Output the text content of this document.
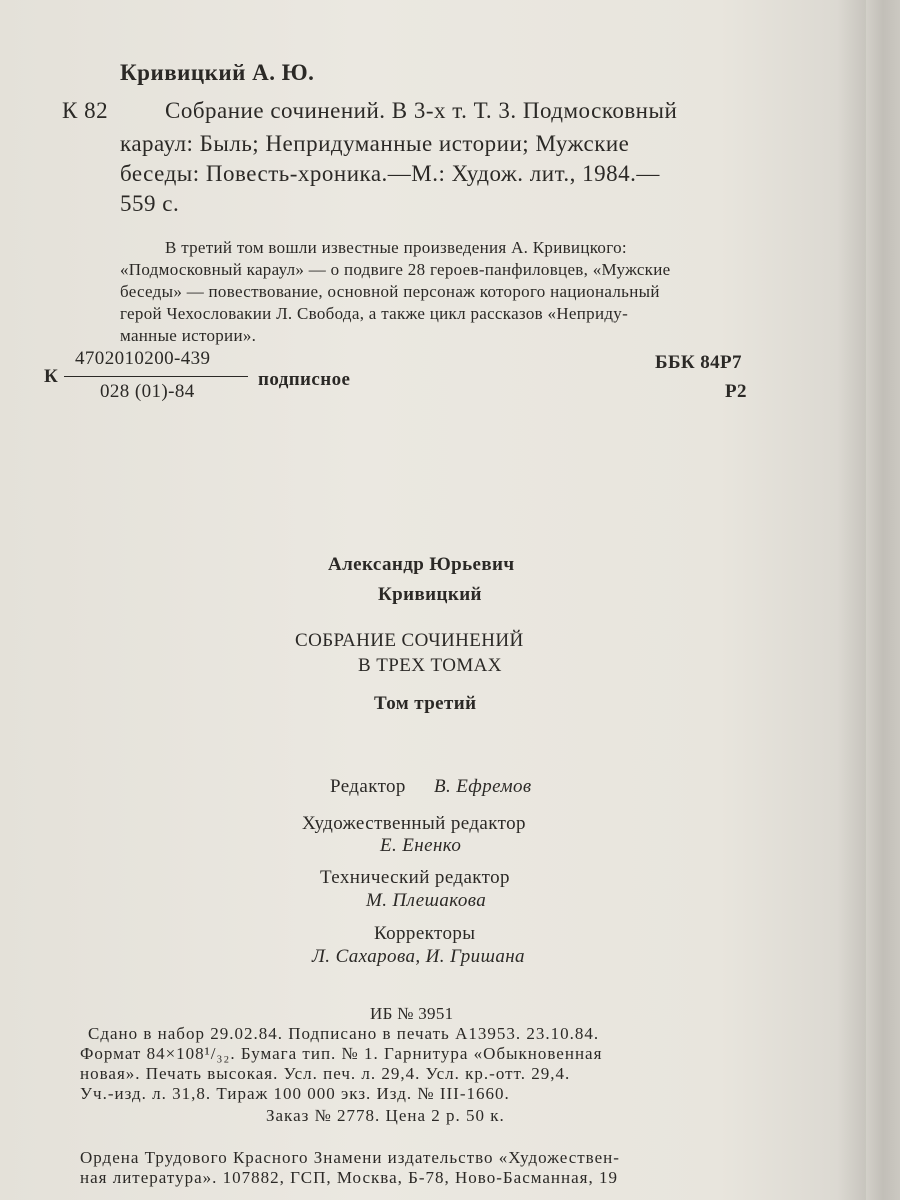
Кривицкий А. Ю.
К 82 Собрание сочинений. В 3-х т. Т. 3. Подмосковный
караул: Быль; Непридуманные истории; Мужские
беседы: Повесть-хроника.—М.: Худож. лит., 1984.—
559 с.
В третий том вошли известные произведения А. Кривицкого:
«Подмосковный караул» — о подвиге 28 героев-панфиловцев, «Мужские
беседы» — повествование, основной персонаж которого национальный
герой Чехословакии Л. Свобода, а также цикл рассказов «Неприду-
манные истории».
К
4702010200-439
028 (01)-84
подписное
ББК 84Р7
Р2
Александр Юрьевич
Кривицкий
СОБРАНИЕ СОЧИНЕНИЙ
В ТРЕХ ТОМАХ
Том третий
Редактор В. Ефремов
Художественный редактор
Е. Ененко
Технический редактор
М. Плешакова
Корректоры
Л. Сахарова, И. Гришана
ИБ № 3951
Сдано в набор 29.02.84. Подписано в печать А13953. 23.10.84.
Формат 84×108¹/₃₂. Бумага тип. № 1. Гарнитура «Обыкновенная
новая». Печать высокая. Усл. печ. л. 29,4. Усл. кр.-отт. 29,4.
Уч.-изд. л. 31,8. Тираж 100 000 экз. Изд. № III-1660.
Заказ № 2778. Цена 2 р. 50 к.
Ордена Трудового Красного Знамени издательство «Художествен-
ная литература». 107882, ГСП, Москва, Б-78, Ново-Басманная, 19
